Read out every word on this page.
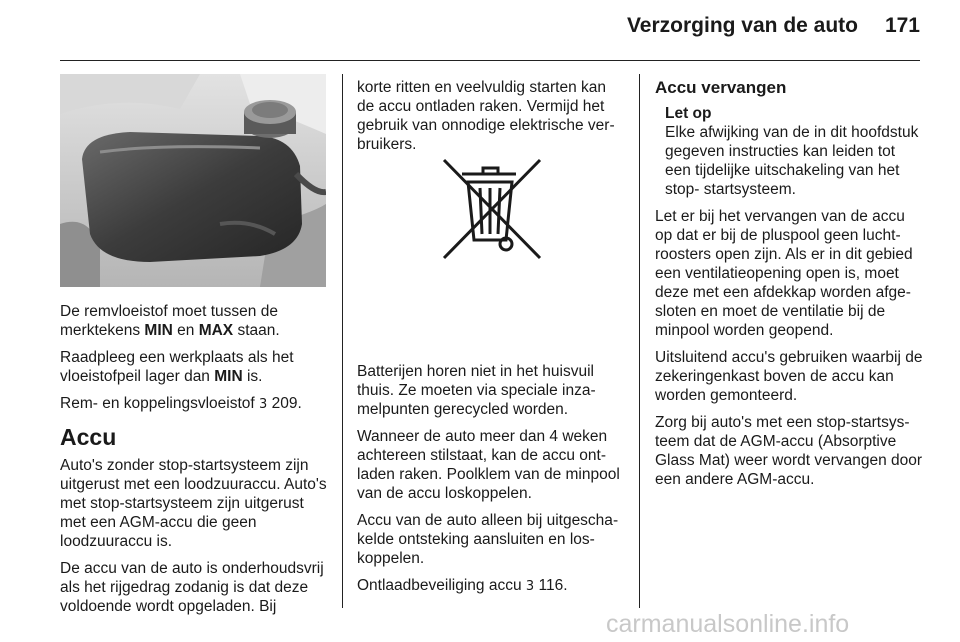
Verzorging van de auto 171

De remvloeistof moet tussen de merktekens MIN en MAX staan.

Raadpleeg een werkplaats als het vloeistofpeil lager dan MIN is.

Rem- en koppelingsvloeistof 3 209.

Accu

Auto's zonder stop-startsysteem zijn uitgerust met een loodzuuraccu. Auto's met stop-startsysteem zijn uitgerust met een AGM-accu die geen loodzuuraccu is.

De accu van de auto is onderhoudsvrij als het rijgedrag zodanig is dat deze voldoende wordt opgeladen. Bij

korte ritten en veelvuldig starten kan de accu ontladen raken. Vermijd het gebruik van onnodige elektrische verbruikers.

Batterijen horen niet in het huisvuil thuis. Ze moeten via speciale inzamelpunten gerecycled worden.

Wanneer de auto meer dan 4 weken achtereen stilstaat, kan de accu ontladen raken. Poolklem van de minpool van de accu loskoppelen.

Accu van de auto alleen bij uitgeschakelde ontsteking aansluiten en loskoppelen.

Ontlaadbeveiliging accu 3 116.

Accu vervangen
Let op
Elke afwijking van de in dit hoofdstuk gegeven instructies kan leiden tot een tijdelijke uitschakeling van het stop- startsysteem.

Let er bij het vervangen van de accu op dat er bij de pluspool geen luchtroosters open zijn. Als er in dit gebied een ventilatieopening open is, moet deze met een afdekkap worden afgesloten en moet de ventilatie bij de minpool worden geopend.

Uitsluitend accu's gebruiken waarbij de zekeringenkast boven de accu kan worden gemonteerd.

Zorg bij auto's met een stop-startsysteem dat de AGM-accu (Absorptive Glass Mat) weer wordt vervangen door een andere AGM-accu.

carmanualsonline.info
